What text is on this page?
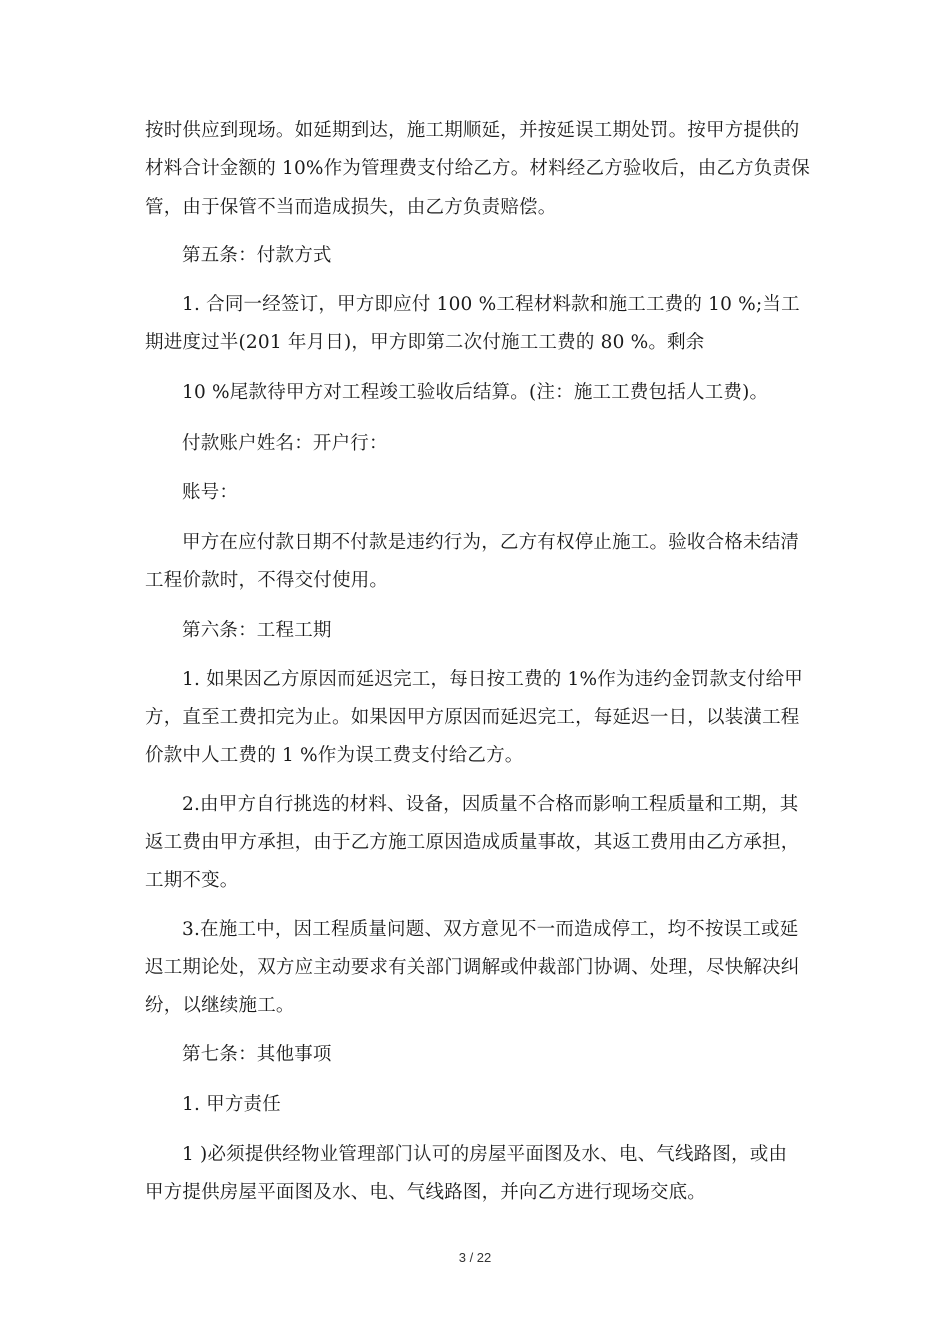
按时供应到现场。如延期到达，施工期顺延，并按延误工期处罚。按甲方提供的
材料合计金额的 10%作为管理费支付给乙方。材料经乙方验收后，由乙方负责保
管，由于保管不当而造成损失，由乙方负责赔偿。
第五条：付款方式
1. 合同一经签订，甲方即应付 100 %工程材料款和施工工费的 10 %;当工
期进度过半(201 年月日)，甲方即第二次付施工工费的 80 %。剩余
10 %尾款待甲方对工程竣工验收后结算。(注：施工工费包括人工费)。
付款账户姓名：开户行：
账号：
甲方在应付款日期不付款是违约行为，乙方有权停止施工。验收合格未结清
工程价款时，不得交付使用。
第六条：工程工期
1. 如果因乙方原因而延迟完工，每日按工费的 1%作为违约金罚款支付给甲
方，直至工费扣完为止。如果因甲方原因而延迟完工，每延迟一日，以装潢工程
价款中人工费的 1 %作为误工费支付给乙方。
2.由甲方自行挑选的材料、设备，因质量不合格而影响工程质量和工期，其
返工费由甲方承担，由于乙方施工原因造成质量事故，其返工费用由乙方承担，
工期不变。
3.在施工中，因工程质量问题、双方意见不一而造成停工，均不按误工或延
迟工期论处，双方应主动要求有关部门调解或仲裁部门协调、处理，尽快解决纠
纷，以继续施工。
第七条：其他事项
1. 甲方责任
1 )必须提供经物业管理部门认可的房屋平面图及水、电、气线路图，或由
甲方提供房屋平面图及水、电、气线路图，并向乙方进行现场交底。
3 / 22
